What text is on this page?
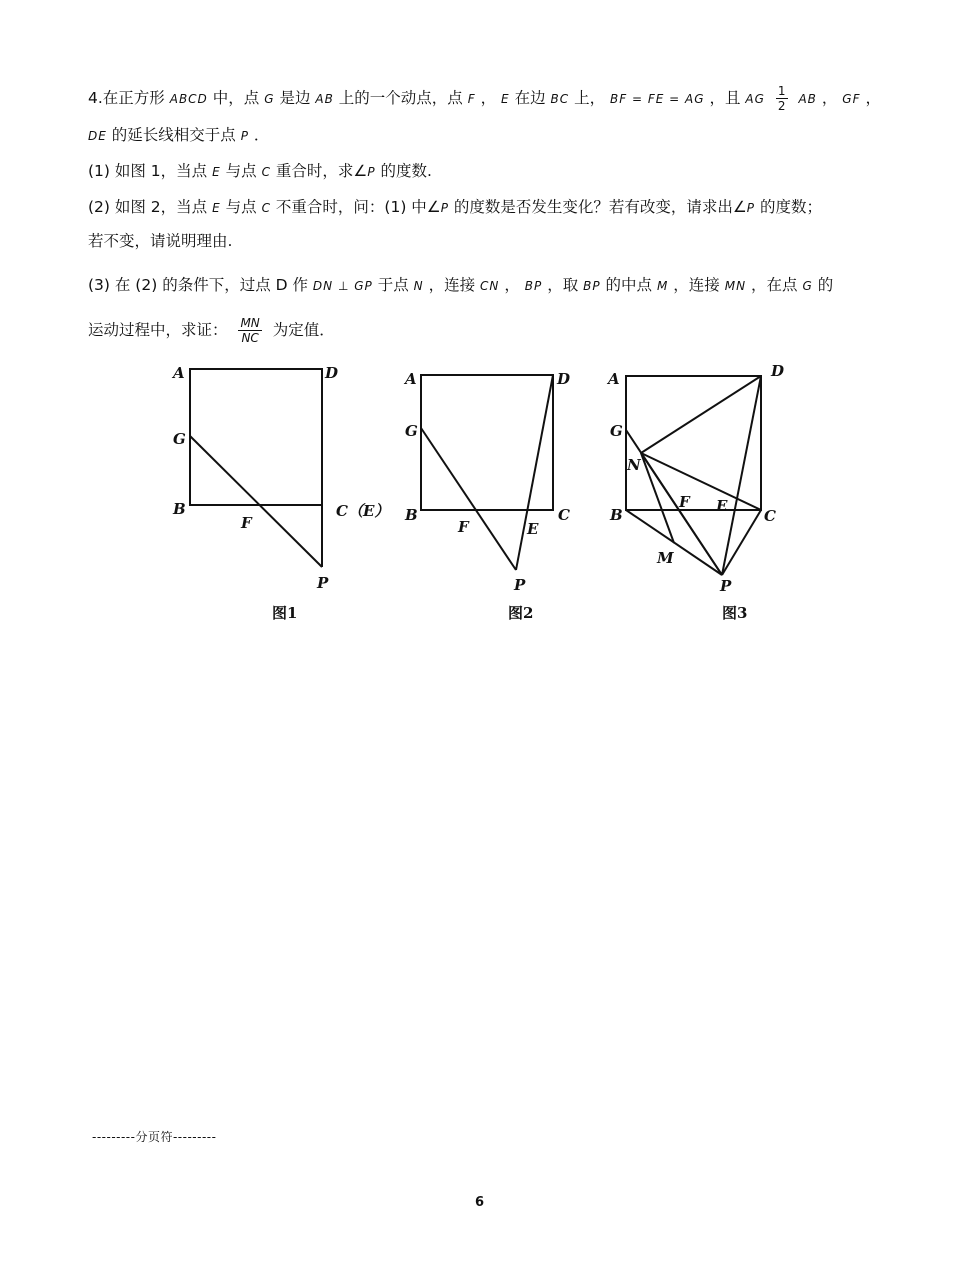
4.在正方形 ABCD 中，点 G 是边 AB 上的一个动点，点 F ， E 在边 BC 上， BF = FE = AG ，且 AG $\frac{1}{2}$ AB ， GF ，
DE 的延长线相交于点 P ．
(1) 如图 1，当点 E 与点 C 重合时，求∠P 的度数.
(2) 如图 2，当点 E 与点 C 不重合时，问：(1) 中∠P 的度数是否发生变化？若有改变，请求出∠P 的度数；
若不变，请说明理由.
(3) 在 (2) 的条件下，过点 D 作 DN ⊥ GP 于点 N ，连接 CN ， BP ，取 BP 的中点 M ，连接 MN ，在点 G 的
运动过程中，求证： $\frac{MN}{NC}$ 为定值．
A	D
G
B
F
C（E）
P
A	D
G
B
F	E
C
P
A	D
G
N
B
F E
C
M
P
图1	图2	图3
---------分页符---------
6
